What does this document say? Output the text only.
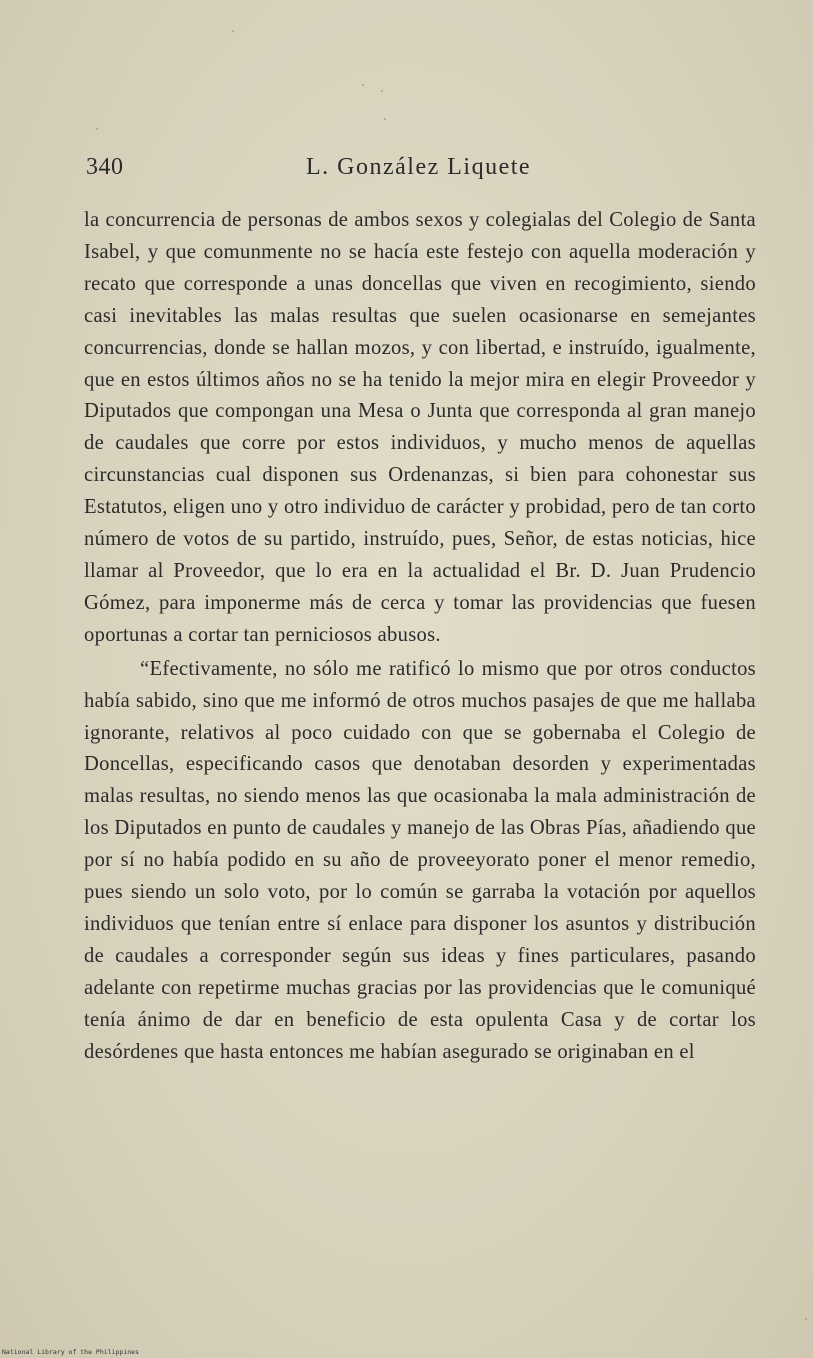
340	L. González Liquete

la concurrencia de personas de ambos sexos y colegialas del Colegio de Santa Isabel, y que comunmente no se hacía este festejo con aquella moderación y recato que corresponde a unas doncellas que viven en recogimiento, siendo casi inevitables las malas resultas que suelen ocasionarse en semejantes concurrencias, donde se hallan mozos, y con libertad, e instruído, igualmente, que en estos últimos años no se ha tenido la mejor mira en elegir Proveedor y Diputados que compongan una Mesa o Junta que corresponda al gran manejo de caudales que corre por estos individuos, y mucho menos de aquellas circunstancias cual disponen sus Ordenanzas, si bien para cohonestar sus Estatutos, eligen uno y otro individuo de carácter y probidad, pero de tan corto número de votos de su partido, instruído, pues, Señor, de estas noticias, hice llamar al Proveedor, que lo era en la actualidad el Br. D. Juan Prudencio Gómez, para imponerme más de cerca y tomar las providencias que fuesen oportunas a cortar tan perniciosos abusos.

“Efectivamente, no sólo me ratificó lo mismo que por otros conductos había sabido, sino que me informó de otros muchos pasajes de que me hallaba ignorante, relativos al poco cuidado con que se gobernaba el Colegio de Doncellas, especificando casos que denotaban desorden y experimentadas malas resultas, no siendo menos las que ocasionaba la mala administración de los Diputados en punto de caudales y manejo de las Obras Pías, añadiendo que por sí no había podido en su año de proveeyorato poner el menor remedio, pues siendo un solo voto, por lo común se garraba la votación por aquellos individuos que tenían entre sí enlace para disponer los asuntos y distribución de caudales a corresponder según sus ideas y fines particulares, pasando adelante con repetirme muchas gracias por las providencias que le comuniqué tenía ánimo de dar en beneficio de esta opulenta Casa y de cortar los desórdenes que hasta entonces me habían asegurado se originaban en el

National Library of the Philippines
